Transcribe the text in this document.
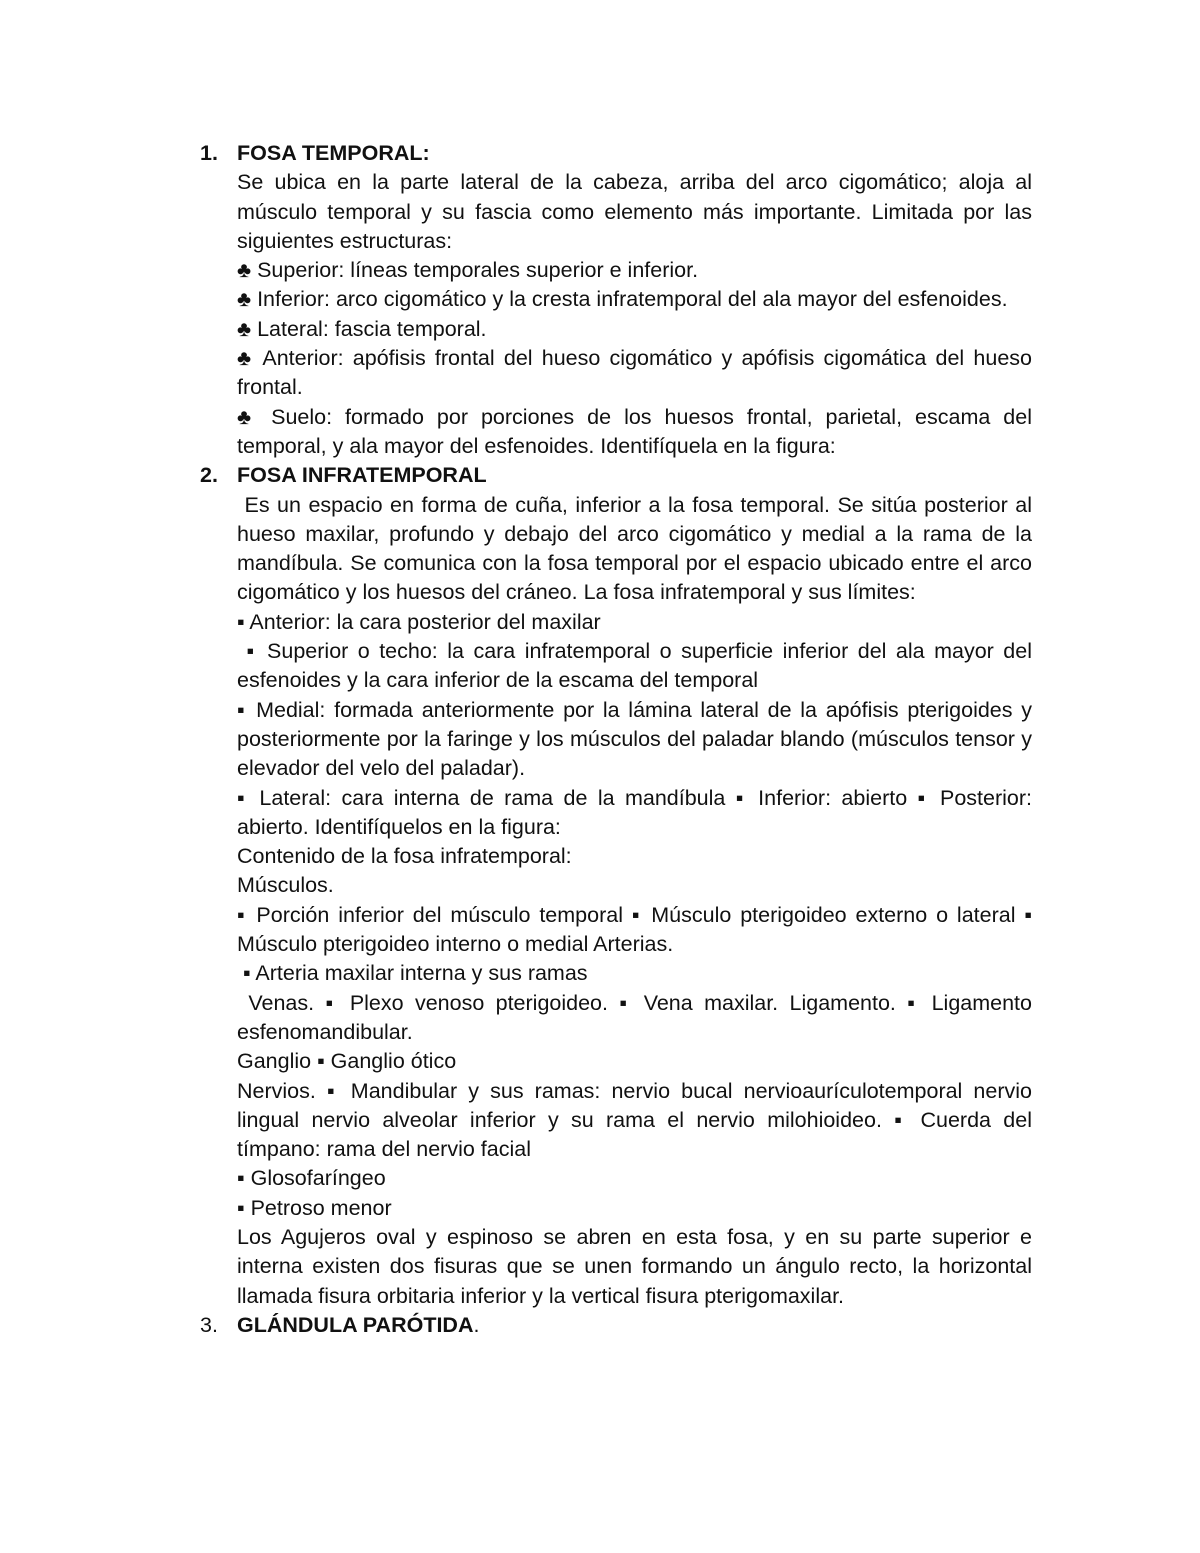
1. FOSA TEMPORAL:

Se ubica en la parte lateral de la cabeza, arriba del arco cigomático; aloja al músculo temporal y su fascia como elemento más importante. Limitada por las siguientes estructuras:

♣ Superior: líneas temporales superior e inferior.

♣ Inferior: arco cigomático y la cresta infratemporal del ala mayor del esfenoides.

♣ Lateral: fascia temporal.

♣ Anterior: apófisis frontal del hueso cigomático y apófisis cigomática del hueso frontal.

♣ Suelo: formado por porciones de los huesos frontal, parietal, escama del temporal, y ala mayor del esfenoides. Identifíquela en la figura:

2. FOSA INFRATEMPORAL

Es un espacio en forma de cuña, inferior a la fosa temporal. Se sitúa posterior al hueso maxilar, profundo y debajo del arco cigomático y medial a la rama de la mandíbula. Se comunica con la fosa temporal por el espacio ubicado entre el arco cigomático y los huesos del cráneo. La fosa infratemporal y sus límites:

▪ Anterior: la cara posterior del maxilar

▪ Superior o techo: la cara infratemporal o superficie inferior del ala mayor del esfenoides y la cara inferior de la escama del temporal

▪ Medial: formada anteriormente por la lámina lateral de la apófisis pterigoides y posteriormente por la faringe y los músculos del paladar blando (músculos tensor y elevador del velo del paladar).

▪ Lateral: cara interna de rama de la mandíbula ▪ Inferior: abierto ▪ Posterior: abierto. Identifíquelos en la figura:

Contenido de la fosa infratemporal:

Músculos.

▪ Porción inferior del músculo temporal ▪ Músculo pterigoideo externo o lateral ▪ Músculo pterigoideo interno o medial Arterias.

▪ Arteria maxilar interna y sus ramas

Venas. ▪ Plexo venoso pterigoideo. ▪ Vena maxilar. Ligamento. ▪ Ligamento esfenomandibular.

Ganglio ▪ Ganglio ótico

Nervios. ▪ Mandibular y sus ramas: nervio bucal nervioaurículotemporal nervio lingual nervio alveolar inferior y su rama el nervio milohioideo. ▪ Cuerda del tímpano: rama del nervio facial

▪ Glosofaríngeo

▪ Petroso menor

Los Agujeros oval y espinoso se abren en esta fosa, y en su parte superior e interna existen dos fisuras que se unen formando un ángulo recto, la horizontal llamada fisura orbitaria inferior y la vertical fisura pterigomaxilar.

3. GLÁNDULA PARÓTIDA.
